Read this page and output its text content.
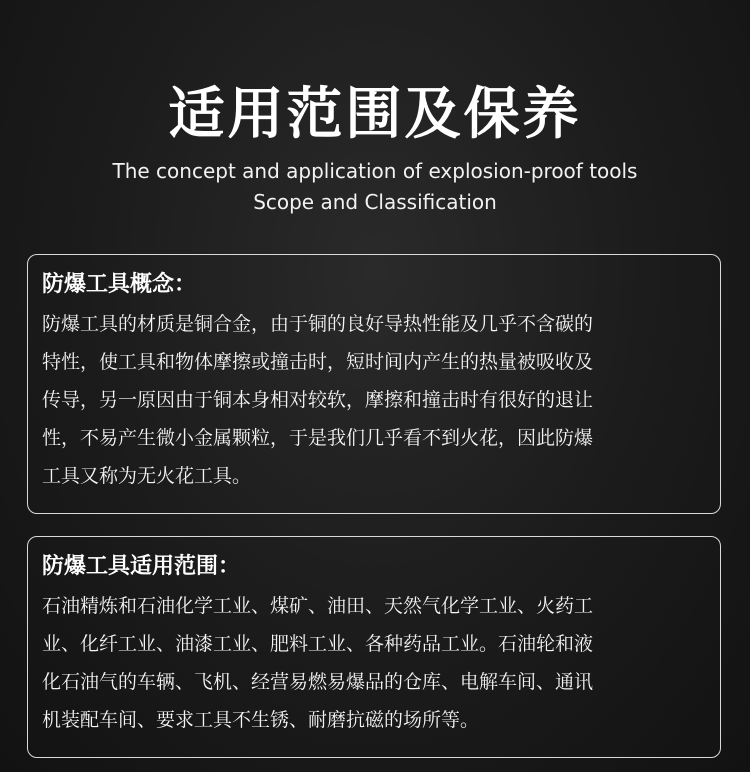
适用范围及保养

The concept and application of explosion-proof tools
Scope and Classification

防爆工具概念：

防爆工具的材质是铜合金，由于铜的良好导热性能及几乎不含碳的
特性，使工具和物体摩擦或撞击时，短时间内产生的热量被吸收及
传导，另一原因由于铜本身相对较软，摩擦和撞击时有很好的退让
性，不易产生微小金属颗粒，于是我们几乎看不到火花，因此防爆
工具又称为无火花工具。

防爆工具适用范围：

石油精炼和石油化学工业、煤矿、油田、天然气化学工业、火药工
业、化纤工业、油漆工业、肥料工业、各种药品工业。石油轮和液
化石油气的车辆、飞机、经营易燃易爆品的仓库、电解车间、通讯
机装配车间、要求工具不生锈、耐磨抗磁的场所等。
